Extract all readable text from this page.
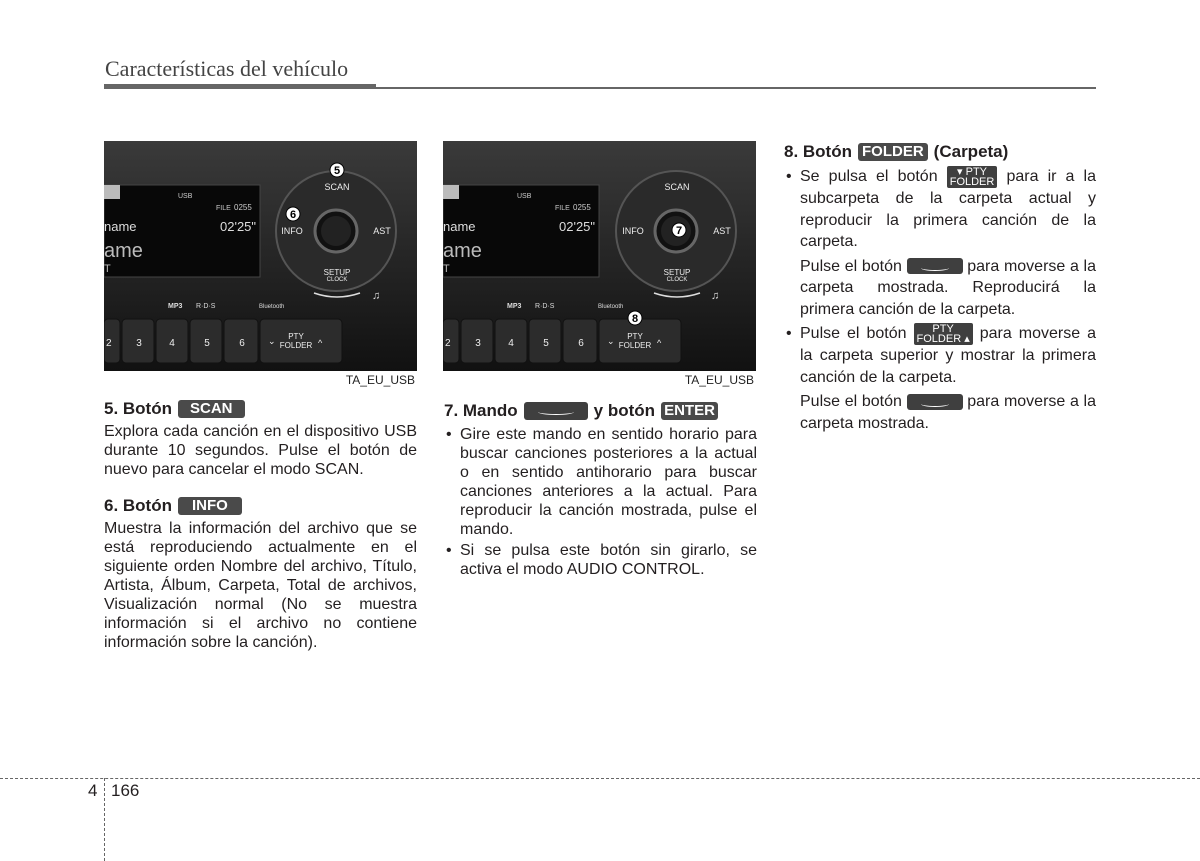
Características del vehículo
USB
FILE 0255
name	02'25"
ame
T
SCAN
INFO	AST
SETUP
CLOCK
♫
MP3 R·D·S	Bluetooth
2 3	4	5	6
PTY
FOLDER
⌄	^
5
6
TA_EU_USB
USB
FILE 0255
name	02'25"
ame
T
SCAN
INFO	AST
SETUP
CLOCK
♫
MP3 R·D·S	Bluetooth
2 3	4	5	6
PTY
FOLDER
⌄	^
7
8
TA_EU_USB
5. Botón	SCAN

Explora cada canción en el dispositivo USB durante 10 segundos. Pulse el botón de nuevo para cancelar el modo SCAN.

6. Botón	INFO

Muestra la información del archivo que se está reproduciendo actualmente en el siguiente orden Nombre del archivo, Título, Artista, Álbum, Carpeta, Total de archivos, Visualización normal (No se muestra información si el archivo no contiene información sobre la canción).

7. Mando	y botón ENTER
• Gire este mando en sentido horario para buscar canciones posteriores a la actual o en sentido antihorario para buscar canciones anteriores a la actual. Para reproducir la canción mostrada, pulse el mando.
• Si se pulsa este botón sin girarlo, se activa el modo AUDIO CONTROL.
8. Botón FOLDER (Carpeta)
• Se pulsa el botón ▾ PTY
FOLDER para ir a la subcarpeta de la carpeta actual y reproducir la primera canción de la carpeta.

Pulse el botón	para moverse a la carpeta mostrada. Reproducirá la primera canción de la carpeta.

• Pulse el botón PTY
FOLDER ▴ para moverse a la carpeta superior y mostrar la primera canción de la carpeta.

Pulse el botón	para moverse a la carpeta mostrada.

4 166
